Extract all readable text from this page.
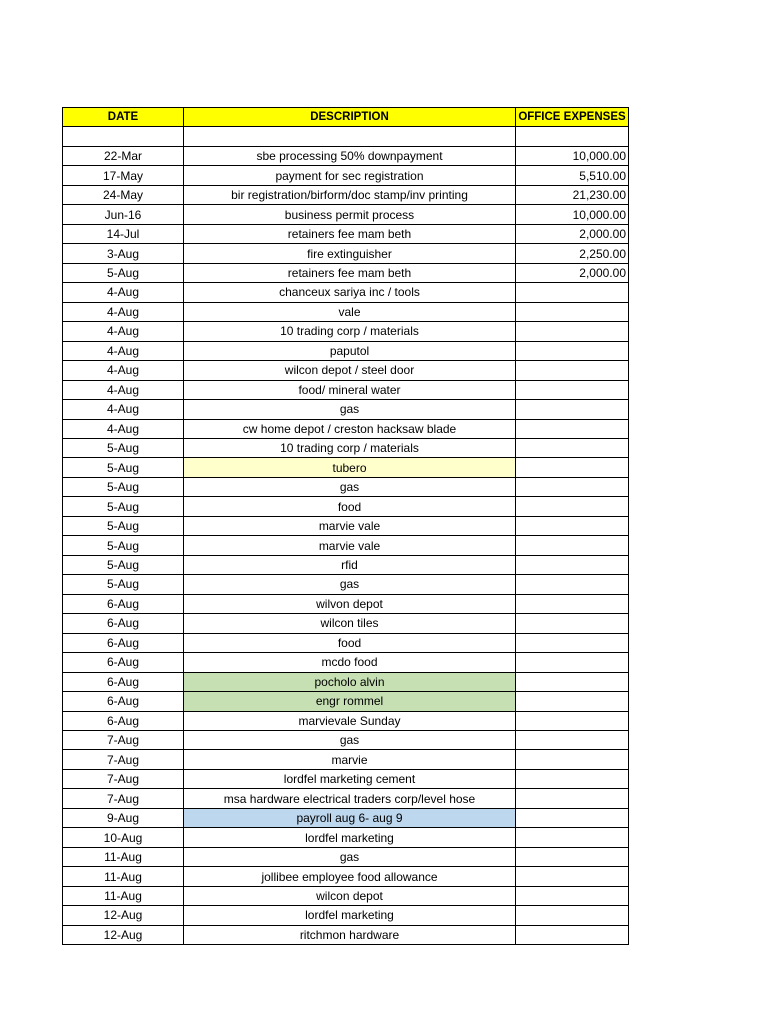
DATE	DESCRIPTION	OFFICE EXPENSES

22-Mar	sbe processing 50% downpayment	10,000.00
17-May	payment for sec registration	5,510.00
24-May	bir registration/birform/doc stamp/inv printing	21,230.00
Jun-16	business permit process	10,000.00
14-Jul	retainers fee mam beth	2,000.00
3-Aug	fire extinguisher	2,250.00
5-Aug	retainers fee mam beth	2,000.00
4-Aug	chanceux sariya inc / tools	
4-Aug	vale	
4-Aug	10 trading corp / materials	
4-Aug	paputol	
4-Aug	wilcon depot / steel door	
4-Aug	food/ mineral water	
4-Aug	gas	
4-Aug	cw home depot / creston hacksaw blade	
5-Aug	10 trading corp / materials	
5-Aug	tubero	
5-Aug	gas	
5-Aug	food	
5-Aug	marvie vale	
5-Aug	marvie vale	
5-Aug	rfid	
5-Aug	gas	
6-Aug	wilvon depot	
6-Aug	wilcon tiles	
6-Aug	food	
6-Aug	mcdo food	
6-Aug	pocholo alvin	
6-Aug	engr rommel	
6-Aug	marvievale Sunday	
7-Aug	gas	
7-Aug	marvie	
7-Aug	lordfel marketing cement	
7-Aug	msa hardware electrical traders corp/level hose	
9-Aug	payroll aug 6- aug 9	
10-Aug	lordfel marketing	
11-Aug	gas	
11-Aug	jollibee employee food allowance	
11-Aug	wilcon depot	
12-Aug	lordfel marketing	
12-Aug	ritchmon hardware	
